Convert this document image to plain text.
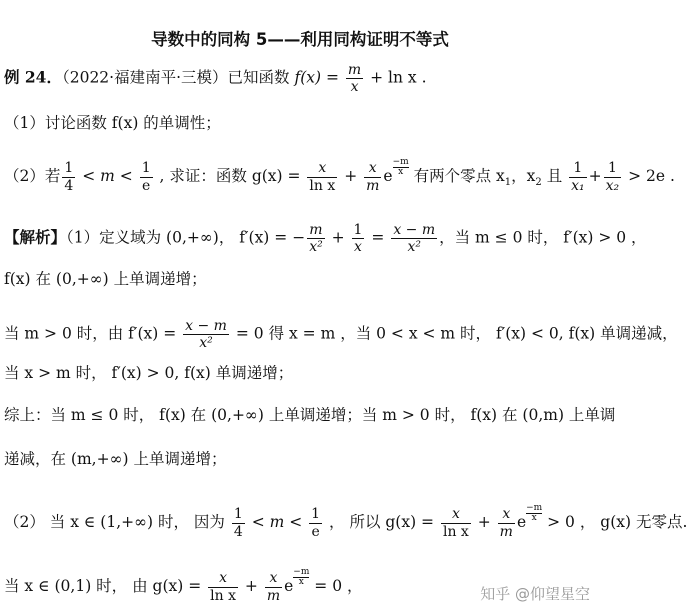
导数中的同构 5——利用同构证明不等式
例 24．（2022·福建南平·三模）已知函数 $f(x) = \frac{m}{x} + \ln x$ .
（1）讨论函数 f(x) 的单调性；
（2）若 $\frac{1}{4} < m < \frac{1}{e}$ , 求证：函数 $g(x) = \frac{x}{\text{ln x}} + \frac{x}{m}$ e $\frac{-m}{x}$ 有两个零点 $x_1$，$x_2$ 且 $\frac{1}{\text{x₁}} + \frac{1}{\text{x₂}} > 2e$ .
【解析】（1）定义域为 (0,+∞)， f′(x) = − $\frac{m}{\text{x²}} + \frac{1}{x} = \frac{x - m}{\text{x²}}$ ，当 m ≤ 0 时， f′(x) > 0 ，
f(x) 在 (0,+∞) 上单调递增；
当 m > 0 时，由 $f'(x) = \frac{x - m}{\text{x²}} = 0$ 得 x = m ，当 0 < x < m 时， f′(x) < 0, f(x) 单调递减，
当 x > m 时， f′(x) > 0, f(x) 单调递增；
综上：当 m ≤ 0 时， f(x) 在 (0,+∞) 上单调递增；当 m > 0 时， f(x) 在 (0,m) 上单调
递减，在 (m,+∞) 上单调递增；
（2） 当 x ∈ (1,+∞) 时， 因为 $\frac{1}{4} < m < \frac{1}{e}$ ， 所以 $g(x) = \frac{x}{\text{ln x}} + \frac{x}{m}$ e $\frac{-m}{x} > 0$ ， g(x) 无零点.
当 x ∈ (0,1) 时， 由 $g(x) = \frac{x}{\text{ln x}} + \frac{x}{m}$ e $\frac{-m}{x} = 0$ ，	知乎 @仰望星空
